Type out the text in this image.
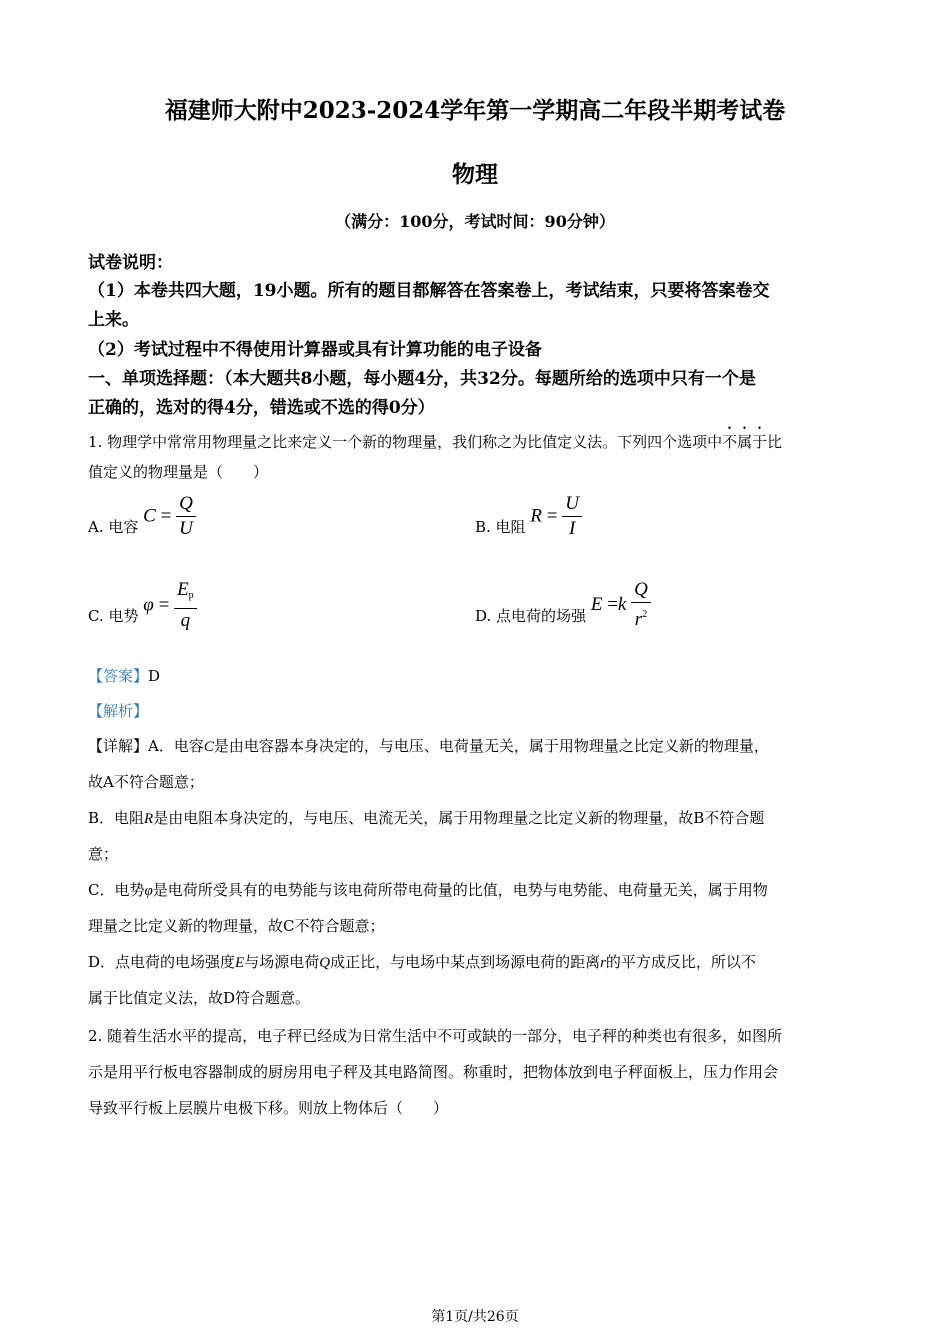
福建师大附中2023-2024学年第一学期高二年段半期考试卷
物理
（满分：100分，考试时间：90分钟）
试卷说明：
（1）本卷共四大题，19小题。所有的题目都解答在答案卷上，考试结束，只要将答案卷交
上来。
（2）考试过程中不得使用计算器或具有计算功能的电子设备
一、单项选择题：（本大题共8小题，每小题4分，共32分。每题所给的选项中只有一个是
正确的，选对的得4分，错选或不选的得0分）
1. 物理学中常常用物理量之比来定义一个新的物理量，我们称之为比值定义法。下列四个选项中不属于比
值定义的物理量是（　　）
A. 电容 $C = \frac{Q}{U}$	B. 电阻 $R = \frac{U}{I}$
C. 电势 $\varphi = \frac{E_p}{q}$	D. 点电荷的场强 $E =k \frac{Q}{r^2}$
【答案】D
【解析】
【详解】A．电容C是由电容器本身决定的，与电压、电荷量无关，属于用物理量之比定义新的物理量，
故A不符合题意；
B．电阻R是由电阻本身决定的，与电压、电流无关，属于用物理量之比定义新的物理量，故B不符合题
意；
C．电势φ是电荷所受具有的电势能与该电荷所带电荷量的比值，电势与电势能、电荷量无关，属于用物
理量之比定义新的物理量，故C不符合题意；
D．点电荷的电场强度E与场源电荷Q成正比，与电场中某点到场源电荷的距离r的平方成反比，所以不
属于比值定义法，故D符合题意。
2. 随着生活水平的提高，电子秤已经成为日常生活中不可或缺的一部分，电子秤的种类也有很多，如图所
示是用平行板电容器制成的厨房用电子秤及其电路简图。称重时，把物体放到电子秤面板上，压力作用会
导致平行板上层膜片电极下移。则放上物体后（　　）
第1页/共26页
